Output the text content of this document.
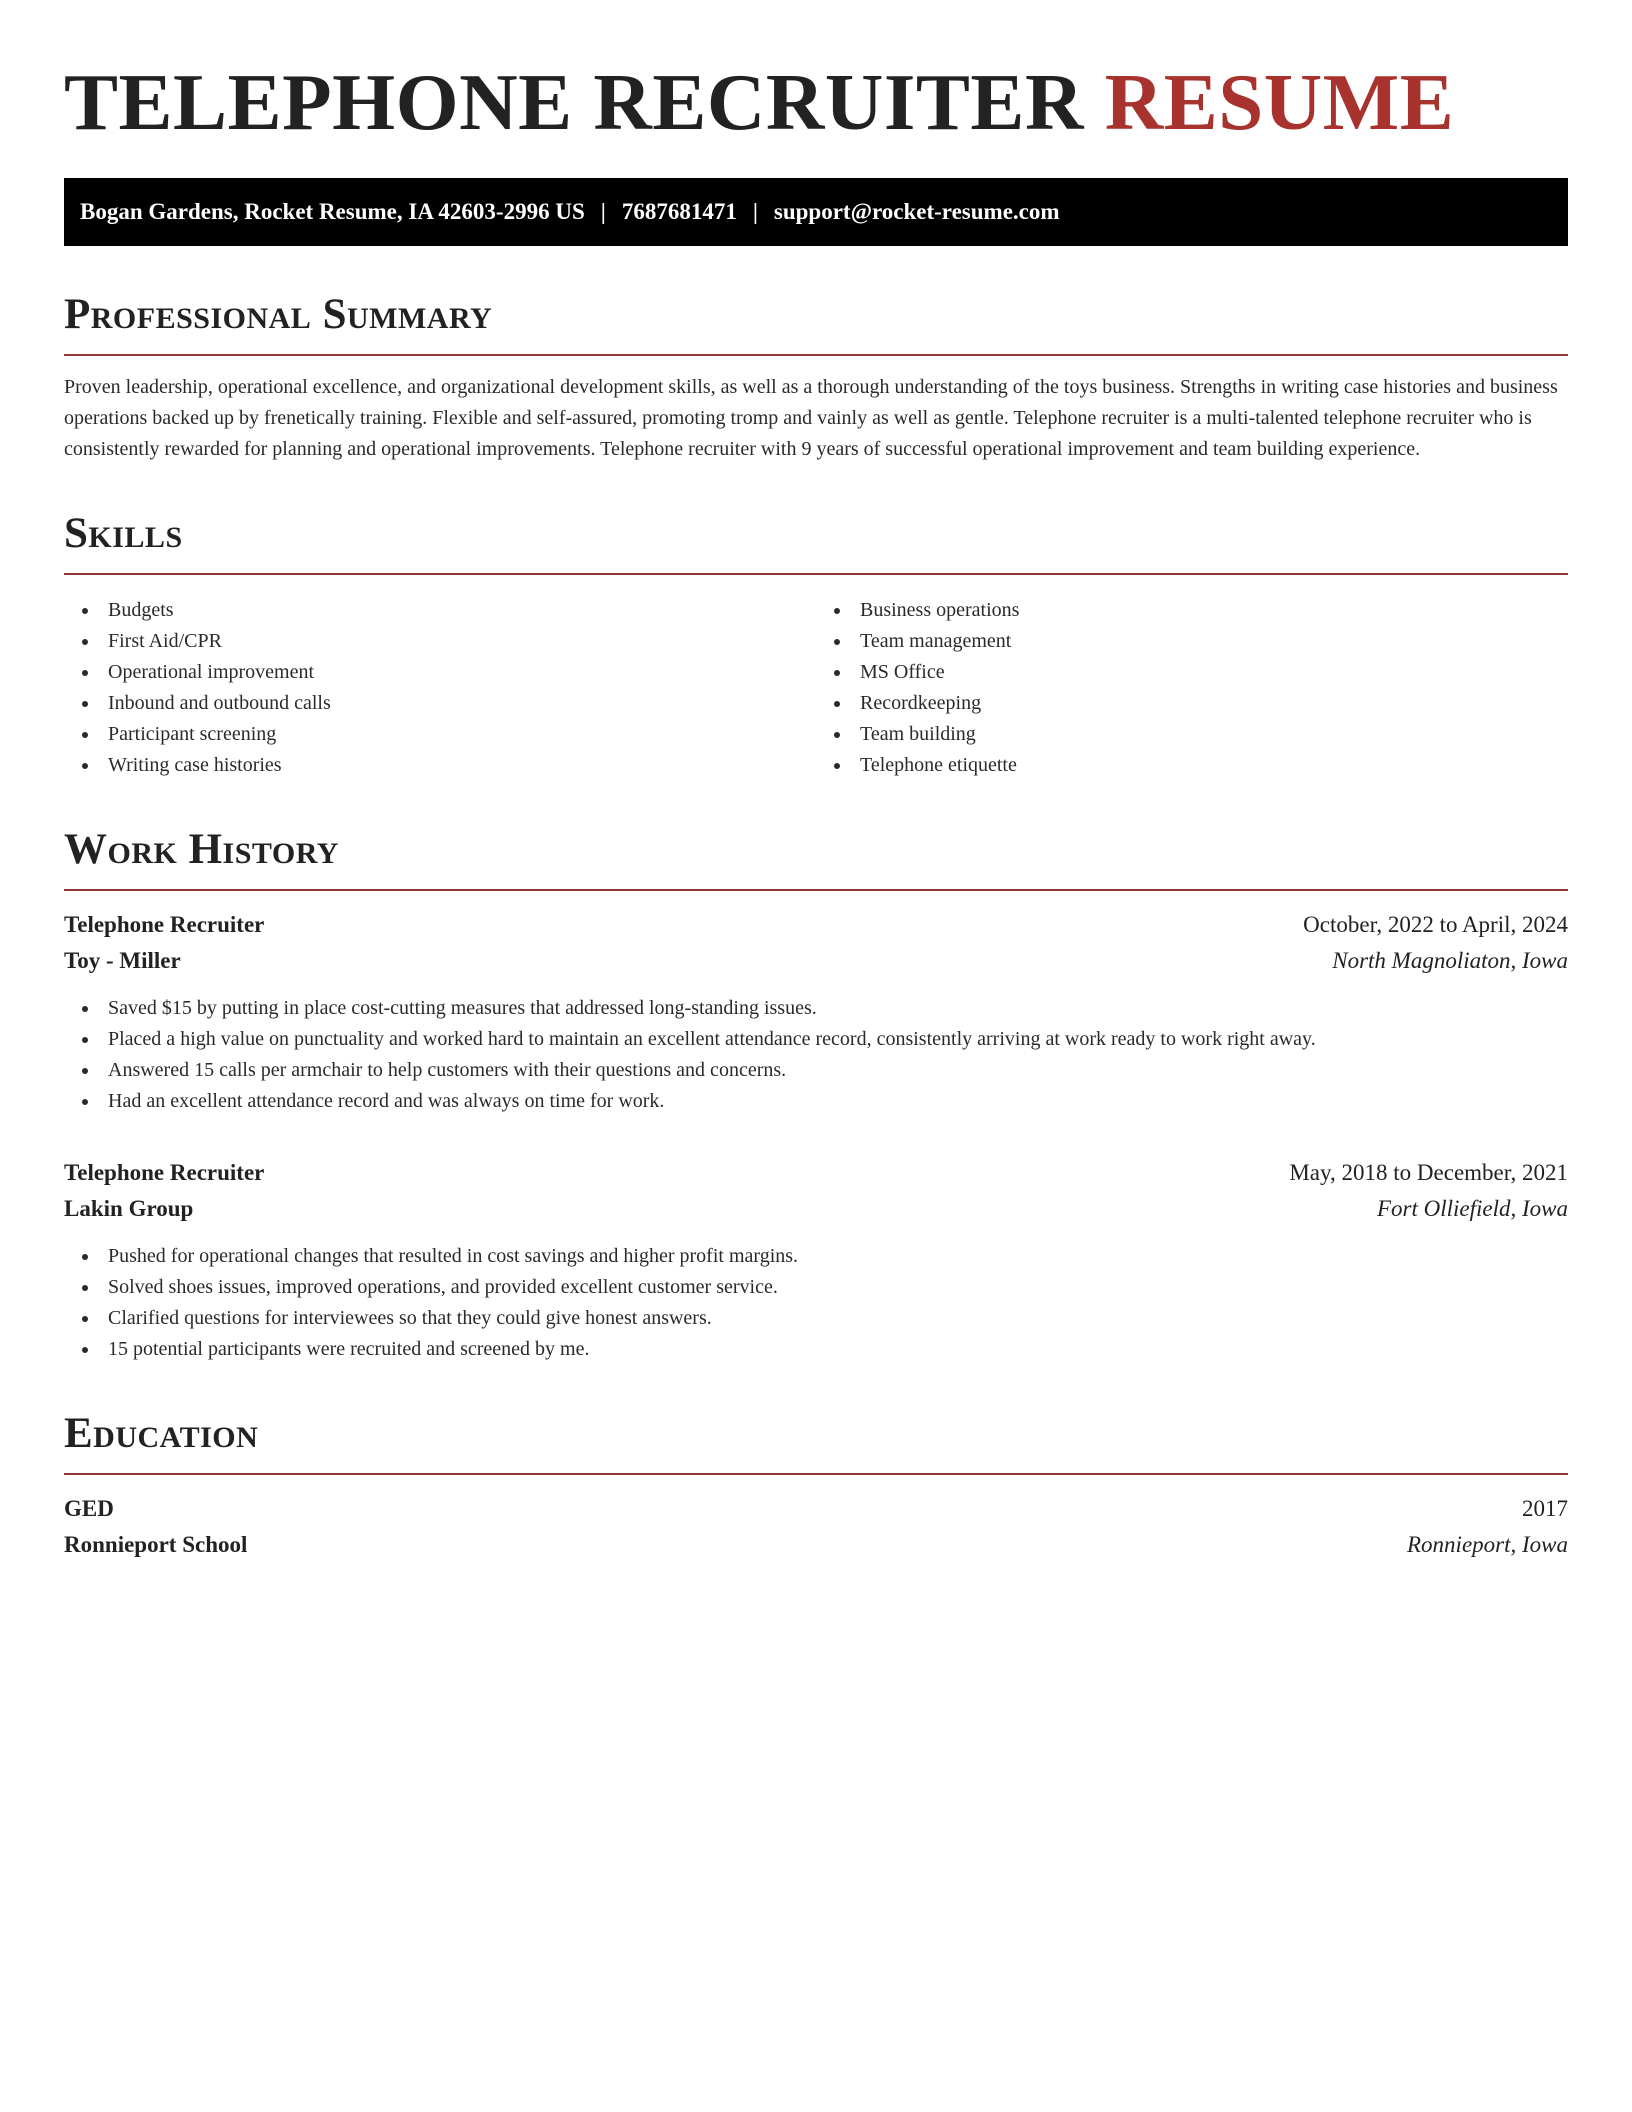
TELEPHONE RECRUITER RESUME
Bogan Gardens, Rocket Resume, IA 42603-2996 US | 7687681471 | support@rocket-resume.com
Professional Summary

Proven leadership, operational excellence, and organizational development skills, as well as a thorough understanding of the toys business. Strengths in writing case histories and business operations backed up by frenetically training. Flexible and self-assured, promoting tromp and vainly as well as gentle. Telephone recruiter is a multi-talented telephone recruiter who is consistently rewarded for planning and operational improvements. Telephone recruiter with 9 years of successful operational improvement and team building experience.

Skills
Budgets
First Aid/CPR
Operational improvement
Inbound and outbound calls
Participant screening
Writing case histories
Business operations
Team management
MS Office
Recordkeeping
Team building
Telephone etiquette
Work History
Telephone Recruiter	October, 2022 to April, 2024
Toy - Miller	North Magnoliaton, Iowa
Saved $15 by putting in place cost-cutting measures that addressed long-standing issues.
Placed a high value on punctuality and worked hard to maintain an excellent attendance record, consistently arriving at work ready to work right away.
Answered 15 calls per armchair to help customers with their questions and concerns.
Had an excellent attendance record and was always on time for work.
Telephone Recruiter	May, 2018 to December, 2021
Lakin Group	Fort Olliefield, Iowa
Pushed for operational changes that resulted in cost savings and higher profit margins.
Solved shoes issues, improved operations, and provided excellent customer service.
Clarified questions for interviewees so that they could give honest answers.
15 potential participants were recruited and screened by me.
Education
GED	2017
Ronnieport School	Ronnieport, Iowa
